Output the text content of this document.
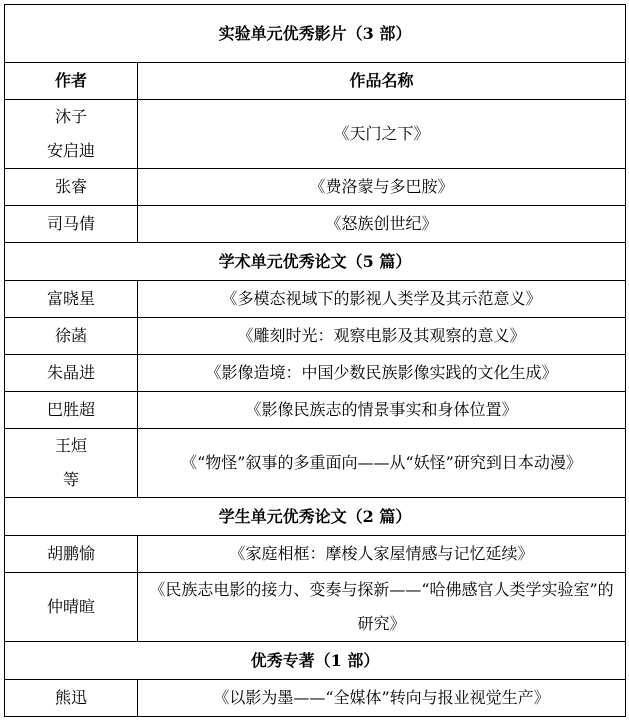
实验单元优秀影片（3 部）	
作者	作品名称

沐子
安启迪	《天门之下》
张睿	《费洛蒙与多巴胺》
司马倩	《怒族创世纪》
学术单元优秀论文（5 篇）	
富晓星	《多模态视域下的影视人类学及其示范意义》
徐菡	《雕刻时光：观察电影及其观察的意义》
朱晶进	《影像造境：中国少数民族影像实践的文化生成》
巴胜超	《影像民族志的情景事实和身体位置》

王烜
等	《“物怪”叙事的多重面向——从“妖怪”研究到日本动漫》

学生单元优秀论文（2 篇）	
胡鹏愉	《家庭相框：摩梭人家屋情感与记忆延续》
仲晴暄	《民族志电影的接力、变奏与探新——“哈佛感官人类学实验室”的研究》

优秀专著（1 部）	
熊迅	《以影为墨——“全媒体”转向与报业视觉生产》
